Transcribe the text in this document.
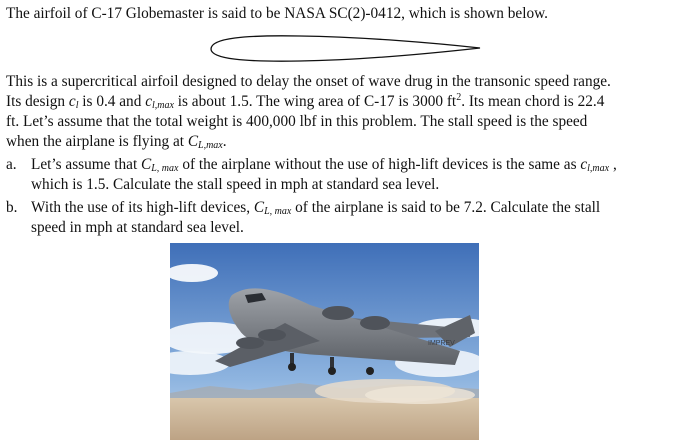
The airfoil of C-17 Globemaster is said to be NASA SC(2)-0412, which is shown below.
This is a supercritical airfoil designed to delay the onset of wave drug in the transonic speed range.
Its design $c_l$ is 0.4 and $c_{l,max}$ is about 1.5. The wing area of C-17 is 3000 $ft^2$. Its mean chord is 22.4
ft. Let’s assume that the total weight is 400,000 lbf in this problem. The stall speed is the speed
when the airplane is flying at $C_{L,max}$.
a. Let’s assume that $C_{L, max}$ of the airplane without the use of high-lift devices is the same as $c_{l,max}$ ,
which is 1.5. Calculate the stall speed in mph at standard sea level.
b. With the use of its high-lift devices, $C_{L, max}$ of the airplane is said to be 7.2. Calculate the stall
speed in mph at standard sea level.
IMPREV
